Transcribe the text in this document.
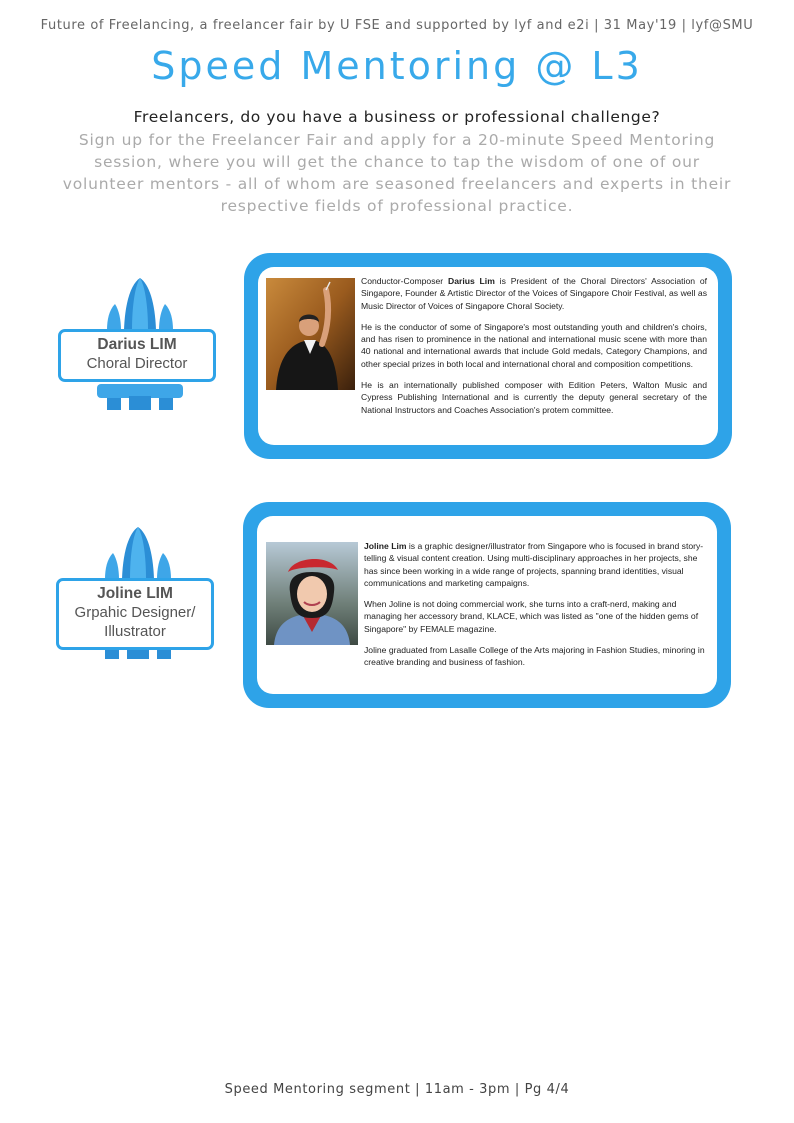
Future of Freelancing, a freelancer fair by U FSE and supported by lyf and e2i | 31 May'19 | lyf@SMU
Speed Mentoring @ L3
Freelancers, do you have a business or professional challenge?
Sign up for the Freelancer Fair and apply for a 20-minute Speed Mentoring session, where you will get the chance to tap the wisdom of one of our volunteer mentors - all of whom are seasoned freelancers and experts in their respective fields of professional practice.
Darius LIM
Choral Director

Conductor-Composer Darius Lim is President of the Choral Directors' Association of Singapore, Founder & Artistic Director of the Voices of Singapore Choir Festival, as well as Music Director of Voices of Singapore Choral Society.

He is the conductor of some of Singapore's most outstanding youth and children's choirs, and has risen to prominence in the national and international music scene with more than 40 national and international awards that include Gold medals, Category Champions, and other special prizes in both local and international choral and composition competitions.

He is an internationally published composer with Edition Peters, Walton Music and Cypress Publishing International and is currently the deputy general secretary of the National Instructors and Coaches Association's protem committee.

Joline LIM
Grpahic Designer/
Illustrator

Joline Lim is a graphic designer/illustrator from Singapore who is focused in brand story-telling & visual content creation. Using multi-disciplinary approaches in her projects, she has since been working in a wide range of projects, spanning brand identities, visual communications and marketing campaigns.

When Joline is not doing commercial work, she turns into a craft-nerd, making and managing her accessory brand, KLACE, which was listed as "one of the hidden gems of Singapore" by FEMALE magazine.

Joline graduated from Lasalle College of the Arts majoring in Fashion Studies, minoring in creative branding and business of fashion.

Speed Mentoring segment | 11am - 3pm | Pg 4/4
